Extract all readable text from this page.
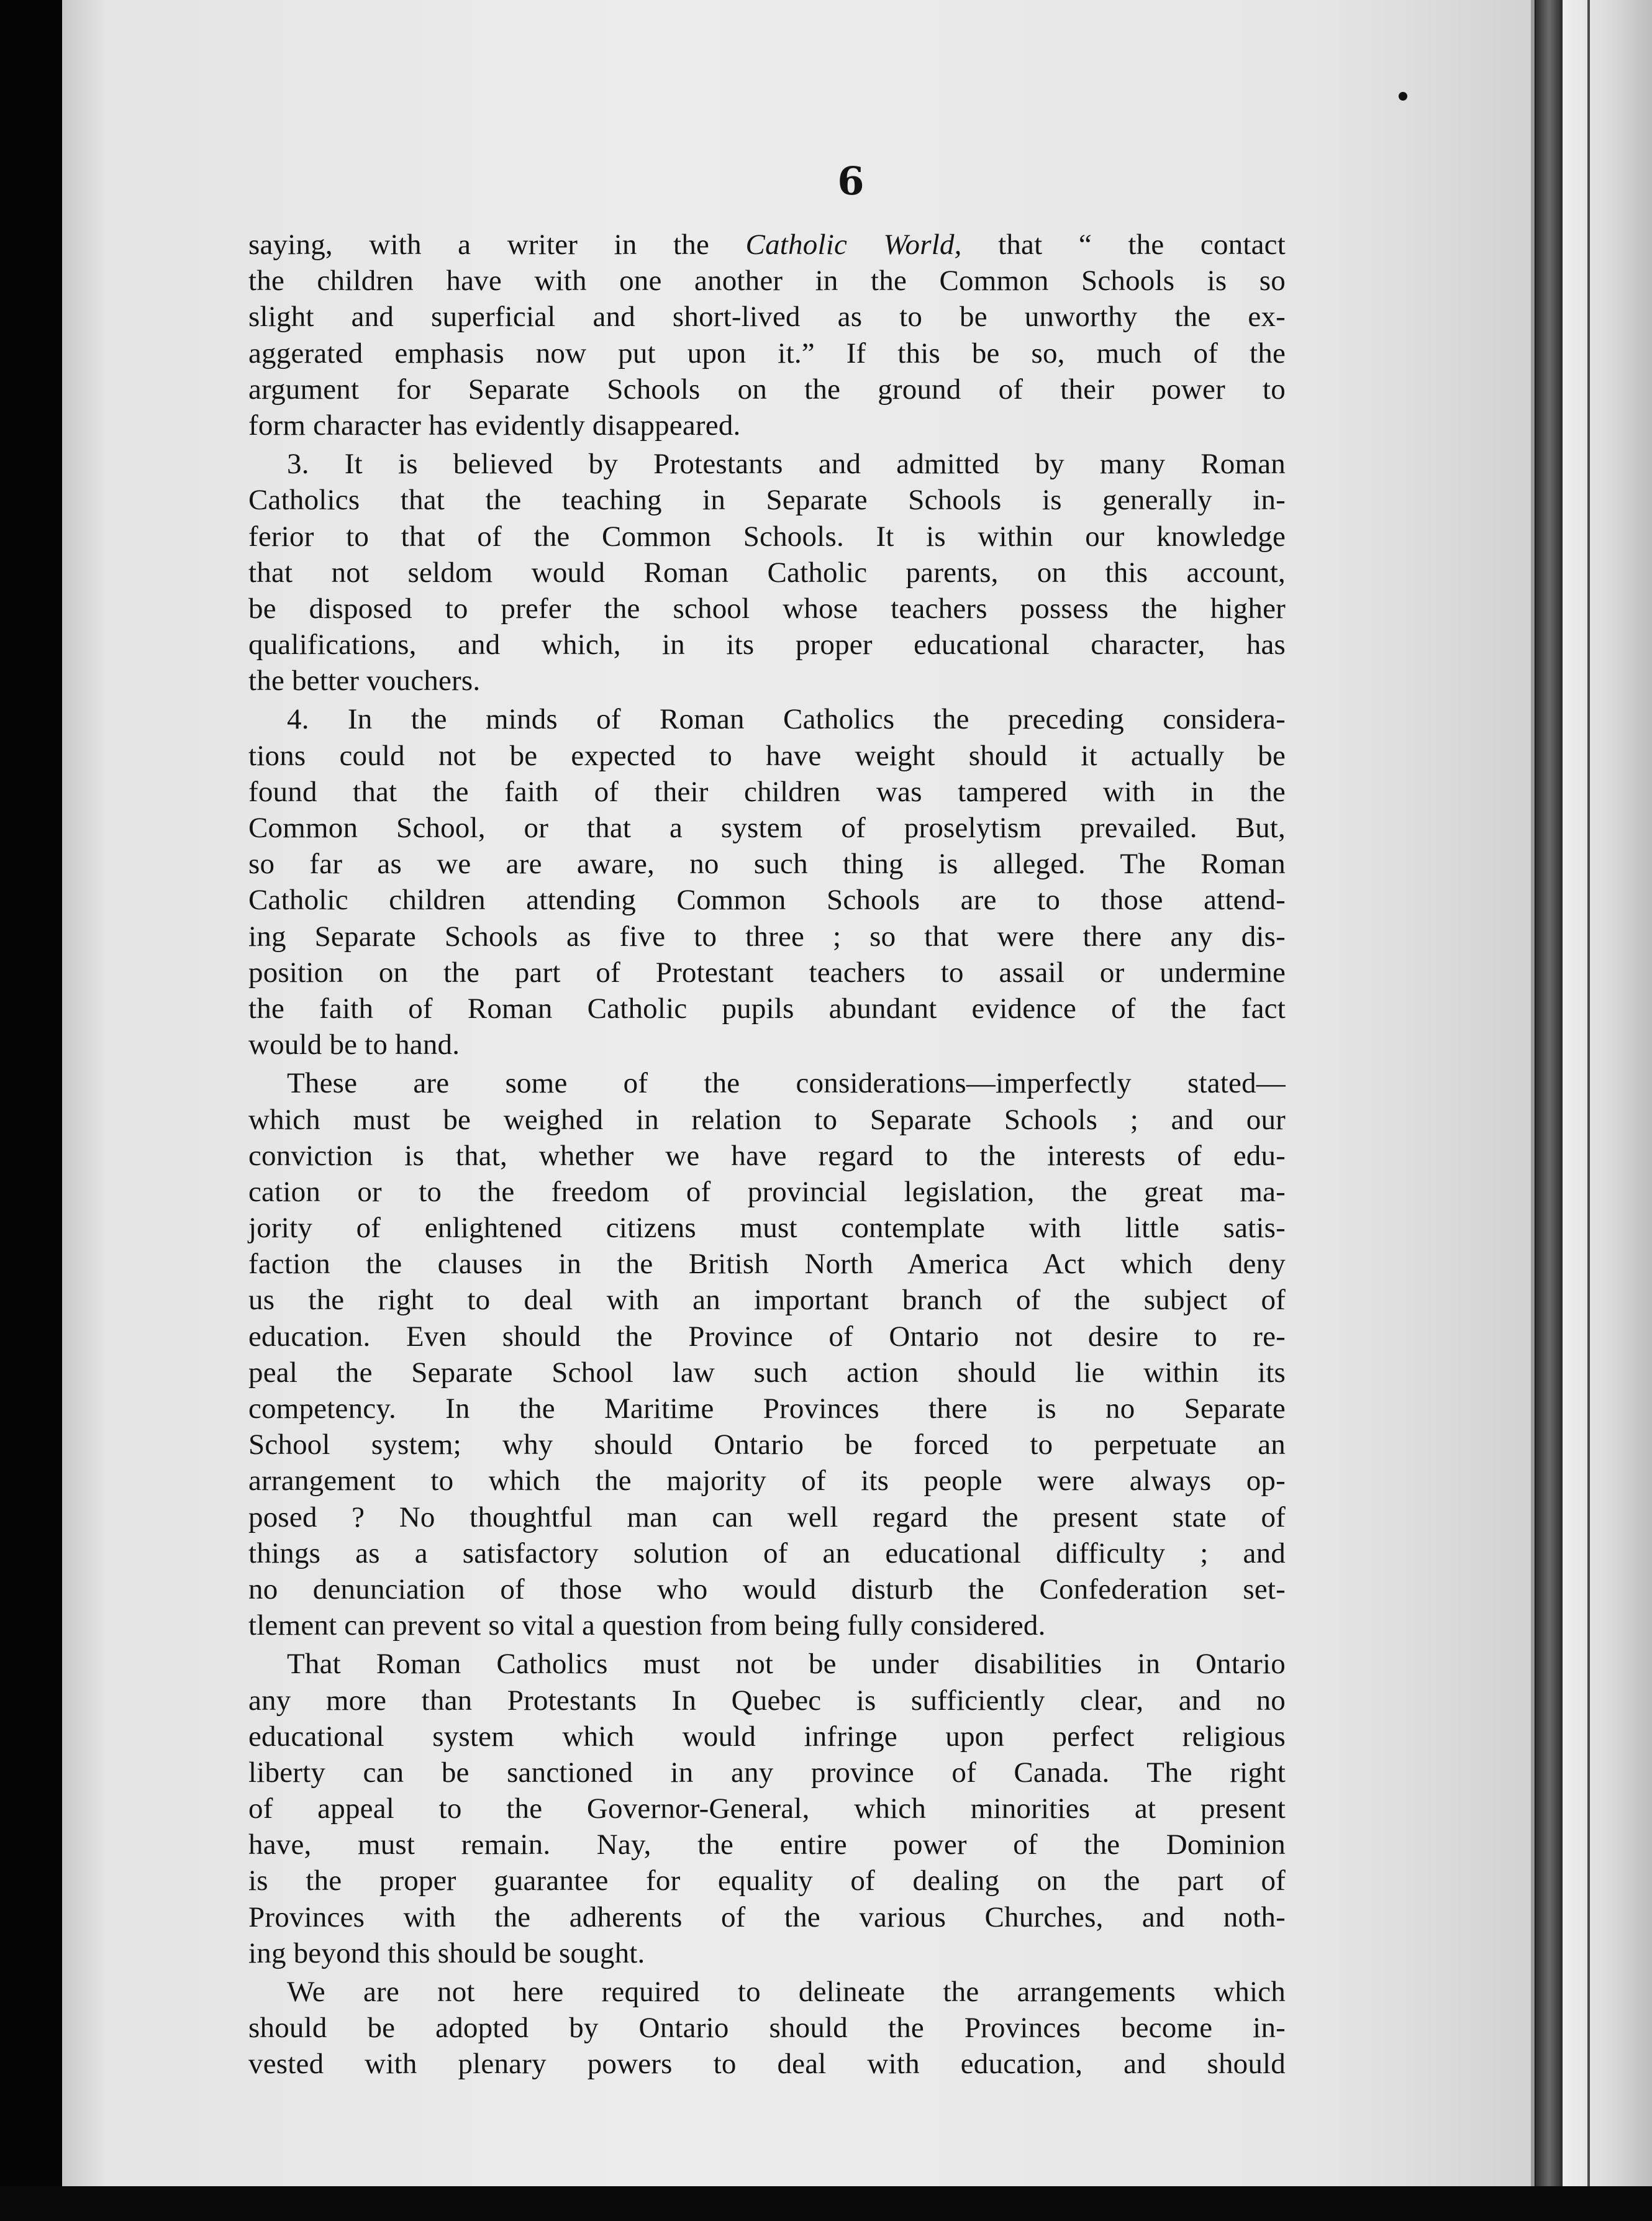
6
saying, with a writer in the Catholic World, that “ the contact
the children have with one another in the Common Schools is so
slight and superficial and short-lived as to be unworthy the ex-
aggerated emphasis now put upon it.” If this be so, much of the
argument for Separate Schools on the ground of their power to
form character has evidently disappeared.
3. It is believed by Protestants and admitted by many Roman
Catholics that the teaching in Separate Schools is generally in-
ferior to that of the Common Schools. It is within our knowledge
that not seldom would Roman Catholic parents, on this account,
be disposed to prefer the school whose teachers possess the higher
qualifications, and which, in its proper educational character, has
the better vouchers.
4. In the minds of Roman Catholics the preceding considera-
tions could not be expected to have weight should it actually be
found that the faith of their children was tampered with in the
Common School, or that a system of proselytism prevailed. But,
so far as we are aware, no such thing is alleged. The Roman
Catholic children attending Common Schools are to those attend-
ing Separate Schools as five to three ; so that were there any dis-
position on the part of Protestant teachers to assail or undermine
the faith of Roman Catholic pupils abundant evidence of the fact
would be to hand.
These are some of the considerations—imperfectly stated—
which must be weighed in relation to Separate Schools ; and our
conviction is that, whether we have regard to the interests of edu-
cation or to the freedom of provincial legislation, the great ma-
jority of enlightened citizens must contemplate with little satis-
faction the clauses in the British North America Act which deny
us the right to deal with an important branch of the subject of
education. Even should the Province of Ontario not desire to re-
peal the Separate School law such action should lie within its
competency. In the Maritime Provinces there is no Separate
School system; why should Ontario be forced to perpetuate an
arrangement to which the majority of its people were always op-
posed ? No thoughtful man can well regard the present state of
things as a satisfactory solution of an educational difficulty ; and
no denunciation of those who would disturb the Confederation set-
tlement can prevent so vital a question from being fully considered.
That Roman Catholics must not be under disabilities in Ontario
any more than Protestants In Quebec is sufficiently clear, and no
educational system which would infringe upon perfect religious
liberty can be sanctioned in any province of Canada. The right
of appeal to the Governor-General, which minorities at present
have, must remain. Nay, the entire power of the Dominion
is the proper guarantee for equality of dealing on the part of
Provinces with the adherents of the various Churches, and noth-
ing beyond this should be sought.
We are not here required to delineate the arrangements which
should be adopted by Ontario should the Provinces become in-
vested with plenary powers to deal with education, and should
